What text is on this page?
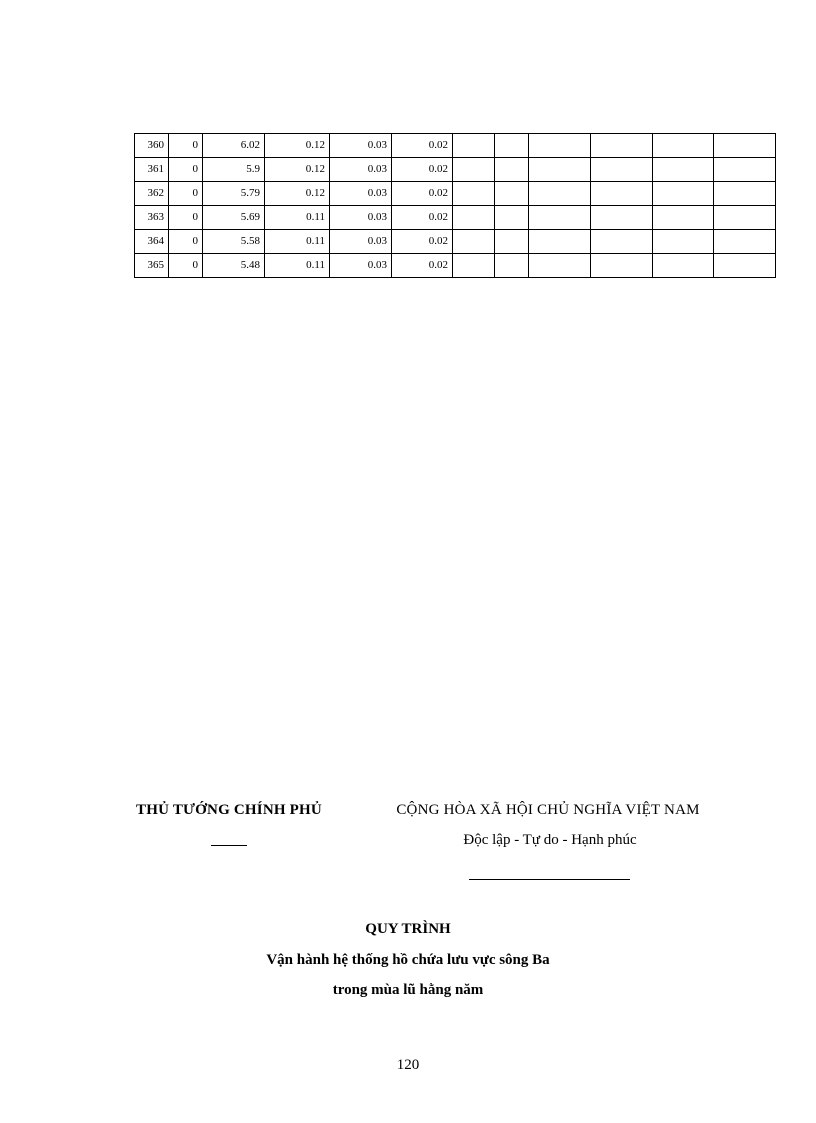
360	0	6.02	0.12	0.03	0.02						
361	0	5.9	0.12	0.03	0.02						
362	0	5.79	0.12	0.03	0.02						
363	0	5.69	0.11	0.03	0.02						
364	0	5.58	0.11	0.03	0.02						
365	0	5.48	0.11	0.03	0.02						
THỦ TƯỚNG CHÍNH PHỦ	CỘNG HÒA XÃ HỘI CHỦ NGHĨA VIỆT NAM
Độc lập - Tự do - Hạnh phúc
QUY TRÌNH
Vận hành hệ thống hồ chứa lưu vực sông Ba
trong mùa lũ hằng năm
120
